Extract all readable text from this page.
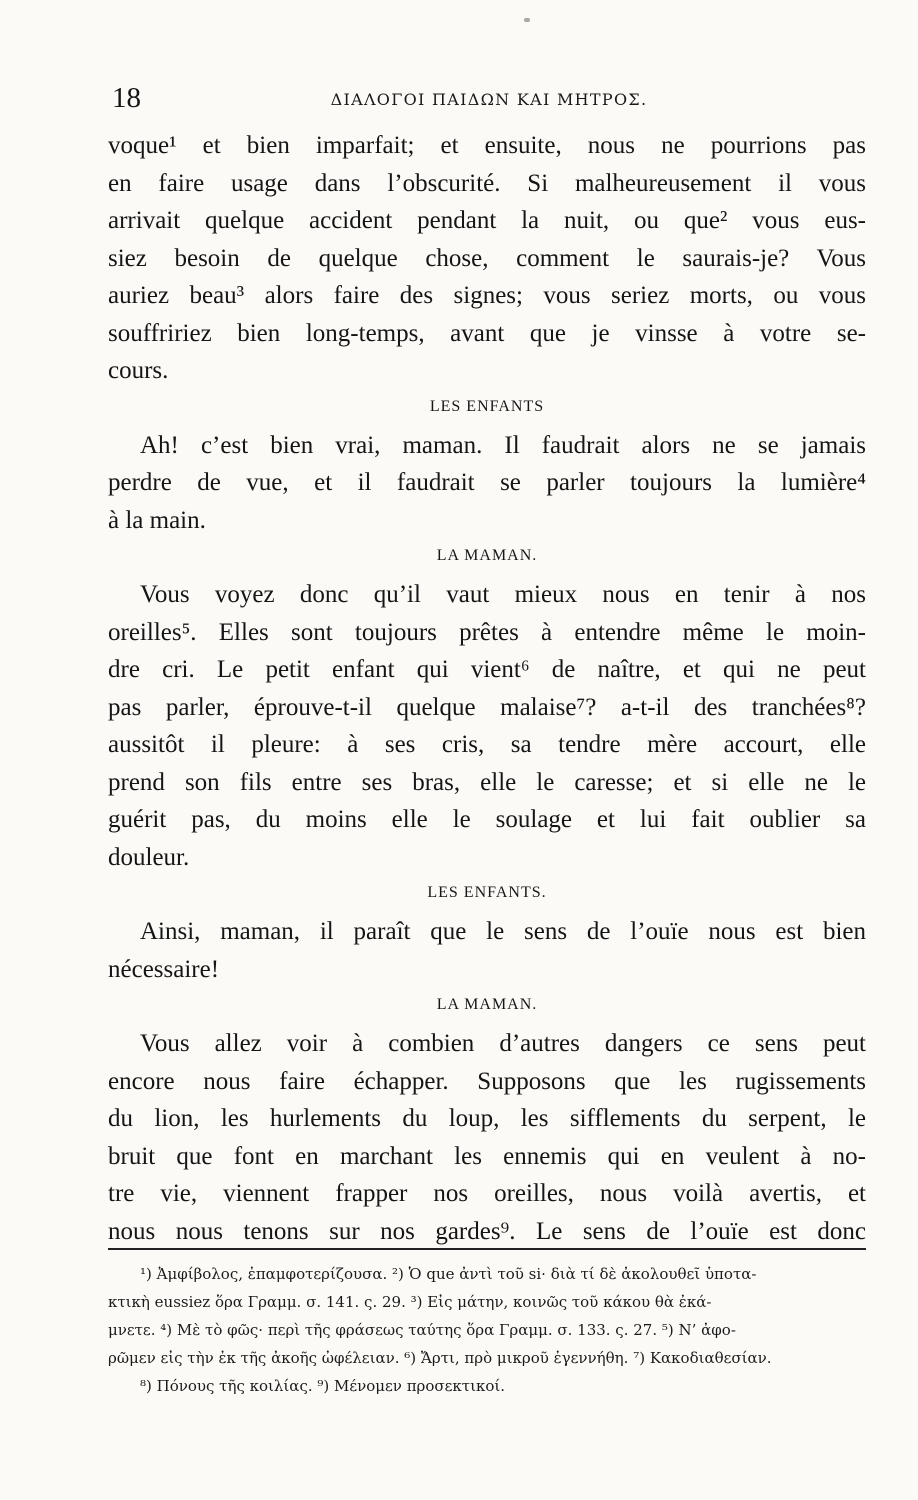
18	ΔΙΑΛΟΓΟΙ ΠΑΙΔΩΝ ΚΑΙ ΜΗΤΡΟΣ.
voque¹ et bien imparfait; et ensuite, nous ne pourrions pas
en faire usage dans l’obscurité. Si malheureusement il vous
arrivait quelque accident pendant la nuit, ou que² vous eus-
siez besoin de quelque chose, comment le saurais-je? Vous
auriez beau³ alors faire des signes; vous seriez morts, ou vous
souffririez bien long-temps, avant que je vinsse à votre se-
cours.
LES ENFANTS
Ah! c’est bien vrai, maman. Il faudrait alors ne se jamais
perdre de vue, et il faudrait se parler toujours la lumière⁴
à la main.
LA MAMAN.
Vous voyez donc qu’il vaut mieux nous en tenir à nos
oreilles⁵. Elles sont toujours prêtes à entendre même le moin-
dre cri. Le petit enfant qui vient⁶ de naître, et qui ne peut
pas parler, éprouve-t-il quelque malaise⁷? a-t-il des tranchées⁸?
aussitôt il pleure: à ses cris, sa tendre mère accourt, elle
prend son fils entre ses bras, elle le caresse; et si elle ne le
guérit pas, du moins elle le soulage et lui fait oublier sa
douleur.
LES ENFANTS.
Ainsi, maman, il paraît que le sens de l’ouïe nous est bien
nécessaire!
LA MAMAN.
Vous allez voir à combien d’autres dangers ce sens peut
encore nous faire échapper. Supposons que les rugissements
du lion, les hurlements du loup, les sifflements du serpent, le
bruit que font en marchant les ennemis qui en veulent à no-
tre vie, viennent frapper nos oreilles, nous voilà avertis, et
nous nous tenons sur nos gardes⁹. Le sens de l’ouïe est donc
¹) Ἀμφίβολος, ἐπαμφοτερίζουσα. ²) Ὁ que ἀντὶ τοῦ si· διὰ τί δὲ ἀκολουθεῖ ὑποτα-
κτικὴ eussiez ὅρα Γραμμ. σ. 141. ς. 29. ³) Εἰς μάτην, κοινῶς τοῦ κάκου θὰ ἐκά-
μνετε. ⁴) Μὲ τὸ φῶς· περὶ τῆς φράσεως ταύτης ὅρα Γραμμ. σ. 133. ς. 27. ⁵) Ν’ ἀφο-
ρῶμεν εἰς τὴν ἐκ τῆς ἀκοῆς ὠφέλειαν. ⁶) Ἄρτι, πρὸ μικροῦ ἐγεννήθη. ⁷) Κακοδιαθεσίαν.
⁸) Πόνους τῆς κοιλίας. ⁹) Μένομεν προσεκτικοί.
